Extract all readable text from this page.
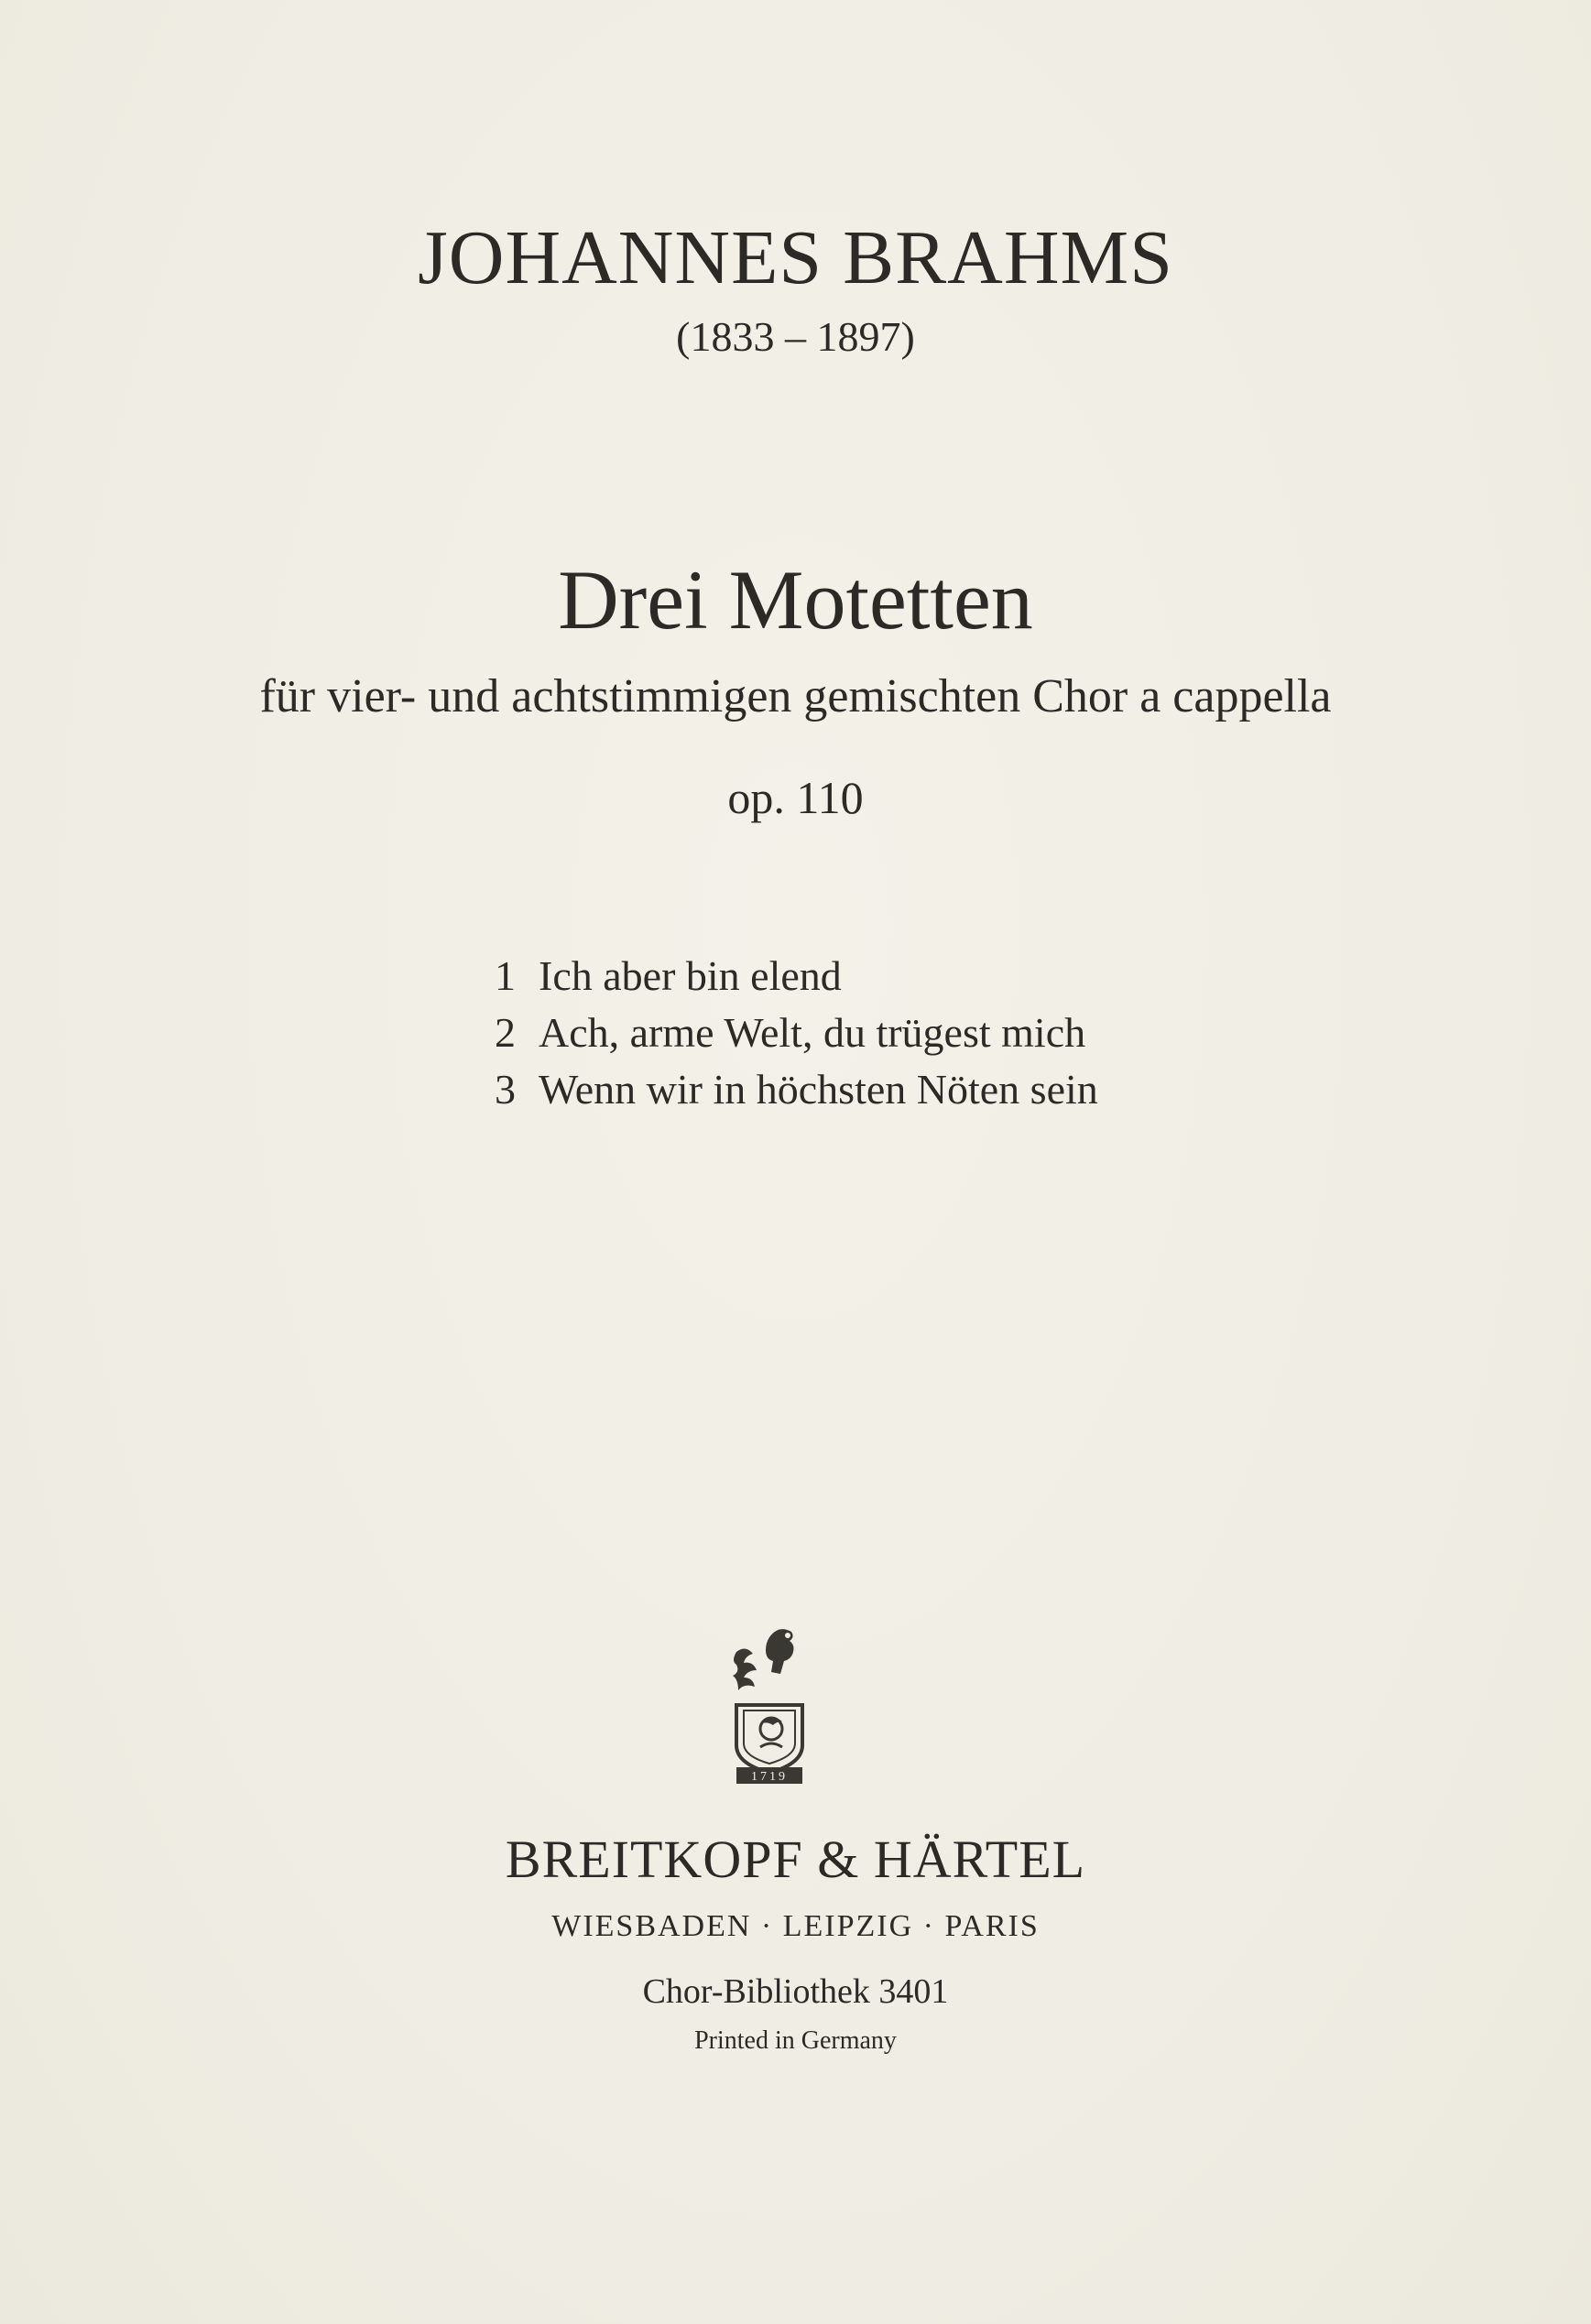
JOHANNES BRAHMS
(1833 – 1897)
Drei Motetten
für vier- und achtstimmigen gemischten Chor a cappella
op. 110
1 Ich aber bin elend
2 Ach, arme Welt, du trügest mich
3 Wenn wir in höchsten Nöten sein
1719
BREITKOPF & HÄRTEL
WIESBADEN · LEIPZIG · PARIS
Chor-Bibliothek 3401
Printed in Germany
